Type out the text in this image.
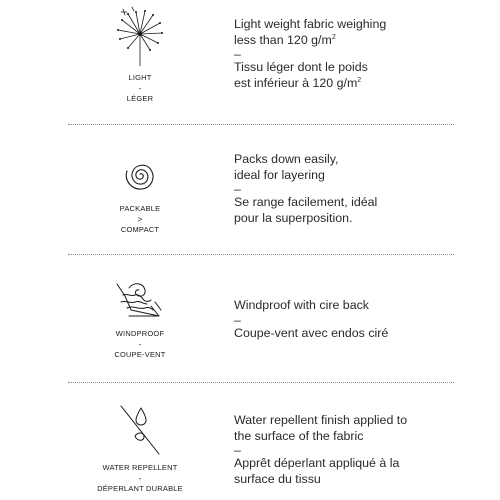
LIGHT
-
LÉGER
Light weight fabric weighing
less than 120 $g/m^2$
–
Tissu léger dont le poids
est inférieur à 120 $g/m^2$
PACKABLE
>
COMPACT
Packs down easily,
ideal for layering
–
Se range facilement, idéal
pour la superposition.
WINDPROOF
-
COUPE-VENT
Windproof with cire back
–
Coupe-vent avec endos ciré
WATER REPELLENT
-
DÉPERLANT DURABLE
Water repellent finish applied to
the surface of the fabric
–
Apprêt déperlant appliqué à la
surface du tissu
